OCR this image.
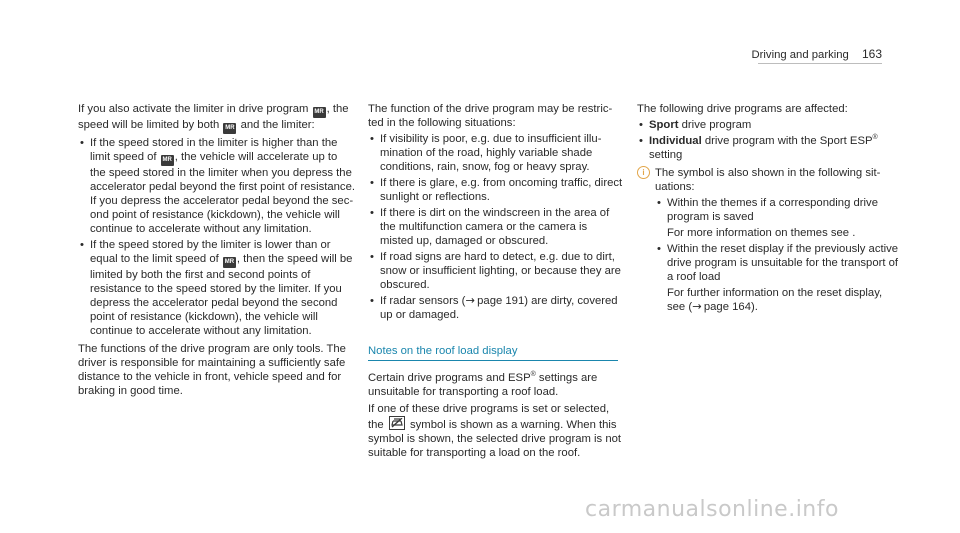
Driving and parking 163

If you also activate the limiter in drive program MR , the speed will be limited by both MR and the limiter:

• If the speed stored in the limiter is higher than the limit speed of MR , the vehicle will accelerate up to the speed stored in the limiter when you depress the accelerator pedal beyond the first point of resistance. If you depress the accelerator pedal beyond the second point of resistance (kickdown), the vehicle will continue to accelerate without any limitation.
• If the speed stored by the limiter is lower than or equal to the limit speed of MR , then the speed will be limited by both the first and second points of resistance to the speed stored by the limiter. If you depress the accelerator pedal beyond the second point of resistance (kickdown), the vehicle will continue to accelerate without any limitation.

The functions of the drive program are only tools. The driver is responsible for maintaining a sufficiently safe distance to the vehicle in front, vehicle speed and for braking in good time.

The function of the drive program may be restricted in the following situations:

• If visibility is poor, e.g. due to insufficient illumination of the road, highly variable shade conditions, rain, snow, fog or heavy spray.
• If there is glare, e.g. from oncoming traffic, direct sunlight or reflections.
• If there is dirt on the windscreen in the area of the multifunction camera or the camera is misted up, damaged or obscured.
• If road signs are hard to detect, e.g. due to dirt, snow or insufficient lighting, or because they are obscured.
• If radar sensors (→  page 191) are dirty, covered up or damaged.
Notes on the roof load display

Certain drive programs and ESP® settings are unsuitable for transporting a roof load.

If one of these drive programs is set or selected, the symbol is shown as a warning. When this symbol is shown, the selected drive program is not suitable for transporting a load on the roof.

The following drive programs are affected:

• Sport drive program
• Individual drive program with the Sport ESP®
setting
i The symbol is also shown in the following situations:

• Within the themes if a corresponding drive program is saved

For more information on themes see .

• Within the reset display if the previously active drive program is unsuitable for the transport of a roof load

For further information on the reset display, see (→  page 164).

carmanualsonline.info
